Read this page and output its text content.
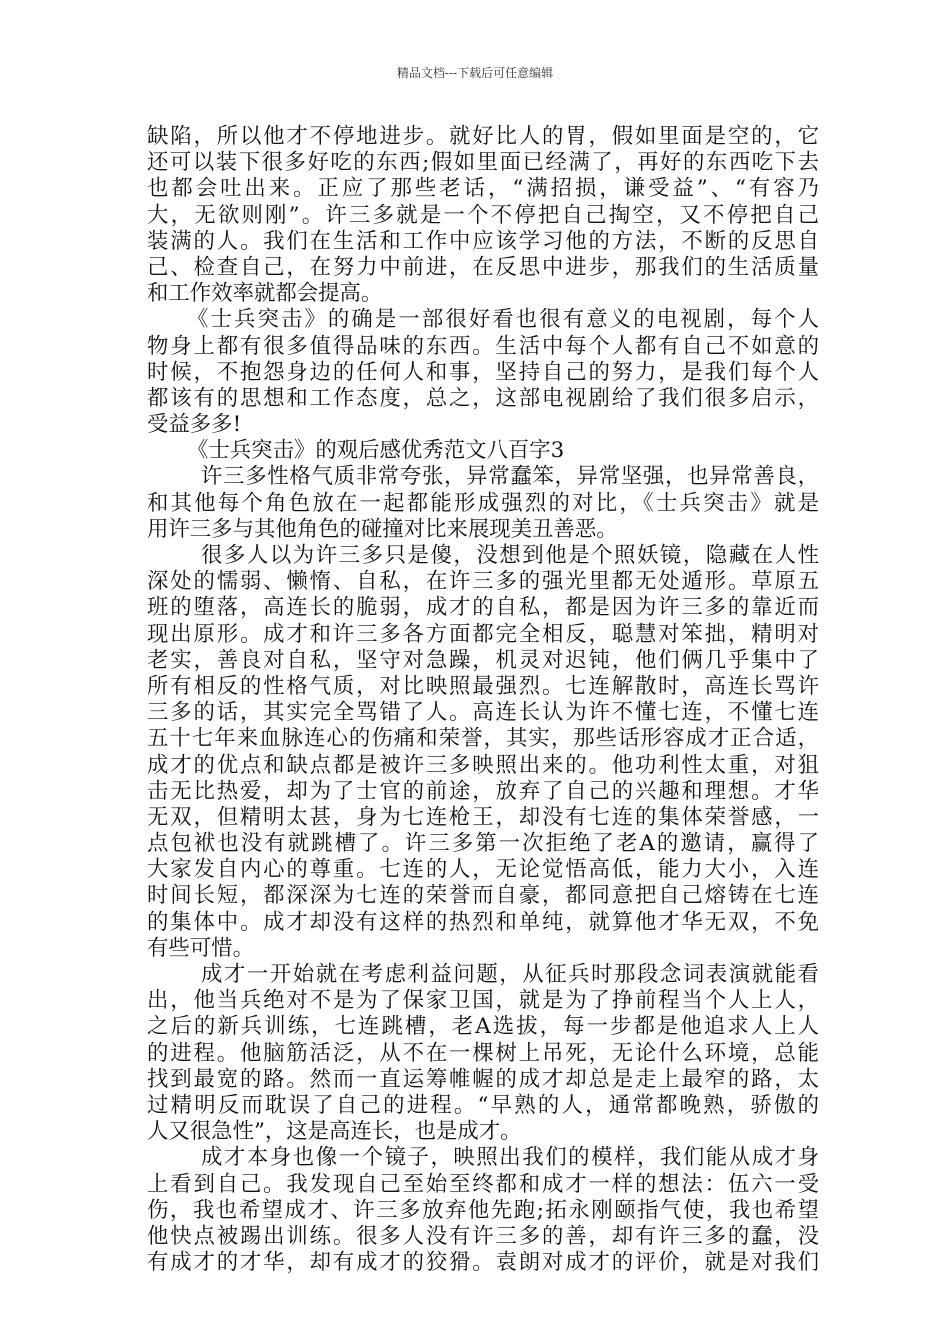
精品文档---下载后可任意编辑
缺陷，所以他才不停地进步。就好比人的胃，假如里面是空的，它
还可以装下很多好吃的东西;假如里面已经满了，再好的东西吃下去
也都会吐出来。正应了那些老话，“满招损，谦受益”、“有容乃
大，无欲则刚”。许三多就是一个不停把自己掏空，又不停把自己
装满的人。我们在生活和工作中应该学习他的方法，不断的反思自
己、检查自己，在努力中前进，在反思中进步，那我们的生活质量
和工作效率就都会提高。
《士兵突击》的确是一部很好看也很有意义的电视剧，每个人
物身上都有很多值得品味的东西。生活中每个人都有自己不如意的
时候，不抱怨身边的任何人和事，坚持自己的努力，是我们每个人
都该有的思想和工作态度，总之，这部电视剧给了我们很多启示，
受益多多!
《士兵突击》的观后感优秀范文八百字3
许三多性格气质非常夸张，异常蠢笨，异常坚强，也异常善良，
和其他每个角色放在一起都能形成强烈的对比，《士兵突击》就是
用许三多与其他角色的碰撞对比来展现美丑善恶。
很多人以为许三多只是傻，没想到他是个照妖镜，隐藏在人性
深处的懦弱、懒惰、自私，在许三多的强光里都无处遁形。草原五
班的堕落，高连长的脆弱，成才的自私，都是因为许三多的靠近而
现出原形。成才和许三多各方面都完全相反，聪慧对笨拙，精明对
老实，善良对自私，坚守对急躁，机灵对迟钝，他们俩几乎集中了
所有相反的性格气质，对比映照最强烈。七连解散时，高连长骂许
三多的话，其实完全骂错了人。高连长认为许不懂七连，不懂七连
五十七年来血脉连心的伤痛和荣誉，其实，那些话形容成才正合适，
成才的优点和缺点都是被许三多映照出来的。他功利性太重，对狙
击无比热爱，却为了士官的前途，放弃了自己的兴趣和理想。才华
无双，但精明太甚，身为七连枪王，却没有七连的集体荣誉感，一
点包袱也没有就跳槽了。许三多第一次拒绝了老A的邀请，赢得了
大家发自内心的尊重。七连的人，无论觉悟高低，能力大小，入连
时间长短，都深深为七连的荣誉而自豪，都同意把自己熔铸在七连
的集体中。成才却没有这样的热烈和单纯，就算他才华无双，不免
有些可惜。
成才一开始就在考虑利益问题，从征兵时那段念词表演就能看
出，他当兵绝对不是为了保家卫国，就是为了挣前程当个人上人，
之后的新兵训练，七连跳槽，老A选拔，每一步都是他追求人上人
的进程。他脑筋活泛，从不在一棵树上吊死，无论什么环境，总能
找到最宽的路。然而一直运筹帷幄的成才却总是走上最窄的路，太
过精明反而耽误了自己的进程。“早熟的人，通常都晚熟，骄傲的
人又很急性”，这是高连长，也是成才。
成才本身也像一个镜子，映照出我们的模样，我们能从成才身
上看到自己。我发现自己至始至终都和成才一样的想法：伍六一受
伤，我也希望成才、许三多放弃他先跑;拓永刚颐指气使，我也希望
他快点被踢出训练。很多人没有许三多的善，却有许三多的蠢，没
有成才的才华，却有成才的狡猾。袁朗对成才的评价，就是对我们
